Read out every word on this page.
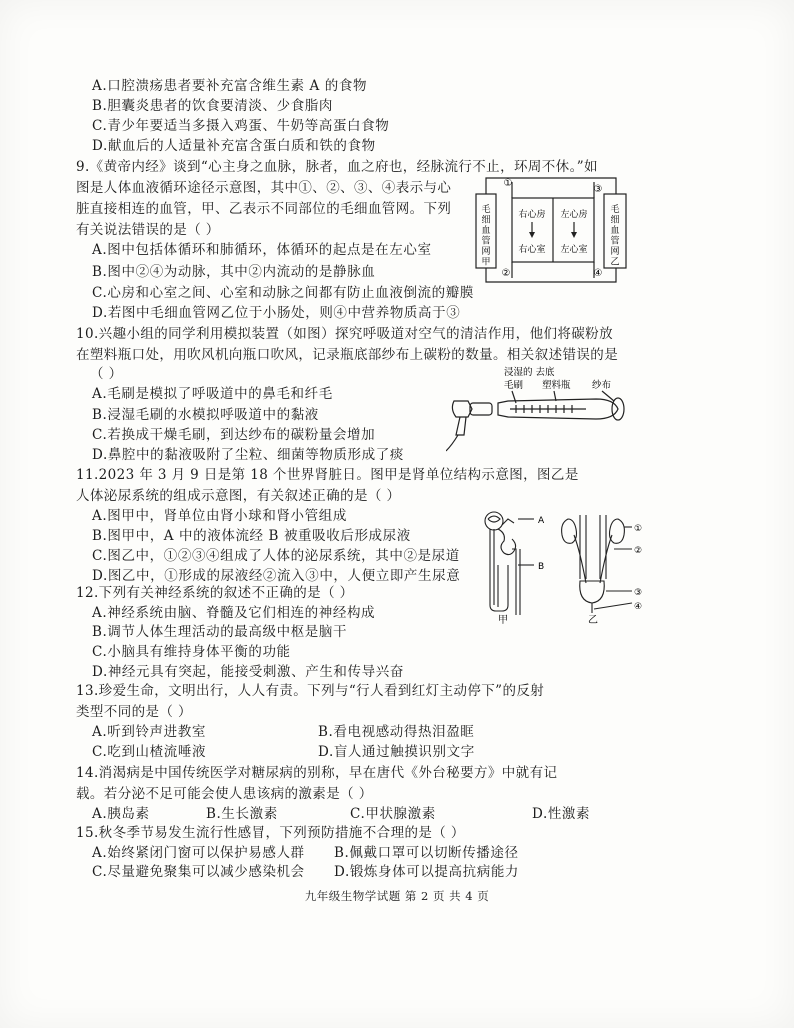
A.口腔溃疡患者要补充富含维生素 A 的食物
B.胆囊炎患者的饮食要清淡、少食脂肉
C.青少年要适当多摄入鸡蛋、牛奶等高蛋白食物
D.献血后的人适量补充富含蛋白质和铁的食物
9.《黄帝内经》谈到“心主身之血脉，脉者，血之府也，经脉流行不止，环周不休。”如
图是人体血液循环途径示意图，其中①、②、③、④表示与心
脏直接相连的血管，甲、乙表示不同部位的毛细血管网。下列
有关说法错误的是（ ）
A.图中包括体循环和肺循环，体循环的起点是在左心室
B.图中②④为动脉，其中②内流动的是静脉血
C.心房和心室之间、心室和动脉之间都有防止血液倒流的瓣膜
D.若图中毛细血管网乙位于小肠处，则④中营养物质高于③
毛细血管网甲
毛细血管网乙
右心房
右心室
左心房
左心室
①
③
②	④
10.兴趣小组的同学利用模拟装置（如图）探究呼吸道对空气的清洁作用，他们将碳粉放
在塑料瓶口处，用吹风机向瓶口吹风，记录瓶底部纱布上碳粉的数量。相关叙述错误的是
（ ）
A.毛刷是模拟了呼吸道中的鼻毛和纤毛
B.浸湿毛刷的水模拟呼吸道中的黏液
C.若换成干燥毛刷，到达纱布的碳粉量会增加
D.鼻腔中的黏液吸附了尘粒、细菌等物质形成了痰
浸湿的 去底
毛刷 塑料瓶 纱布
11.2023 年 3 月 9 日是第 18 个世界肾脏日。图甲是肾单位结构示意图，图乙是
人体泌尿系统的组成示意图，有关叙述正确的是（ ）
A.图甲中，肾单位由肾小球和肾小管组成
B.图甲中，A 中的液体流经 B 被重吸收后形成尿液
C.图乙中，①②③④组成了人体的泌尿系统，其中②是尿道
D.图乙中，①形成的尿液经②流入③中，人便立即产生尿意
A
B
甲
①
②
③
④
乙
12.下列有关神经系统的叙述不正确的是（ ）
A.神经系统由脑、脊髓及它们相连的神经构成
B.调节人体生理活动的最高级中枢是脑干
C.小脑具有维持身体平衡的功能
D.神经元具有突起，能接受刺激、产生和传导兴奋
13.珍爱生命，文明出行，人人有责。下列与“行人看到红灯主动停下”的反射
类型不同的是（ ）
A.听到铃声进教室	B.看电视感动得热泪盈眶
C.吃到山楂流唾液	D.盲人通过触摸识别文字
14.消渴病是中国传统医学对糖尿病的别称，早在唐代《外台秘要方》中就有记
载。若分泌不足可能会使人患该病的激素是（ ）
A.胰岛素	B.生长激素	C.甲状腺激素	D.性激素
15.秋冬季节易发生流行性感冒，下列预防措施不合理的是（ ）
A.始终紧闭门窗可以保护易感人群 B.佩戴口罩可以切断传播途径
C.尽量避免聚集可以减少感染机会 D.锻炼身体可以提高抗病能力
九年级生物学试题 第 2 页 共 4 页
